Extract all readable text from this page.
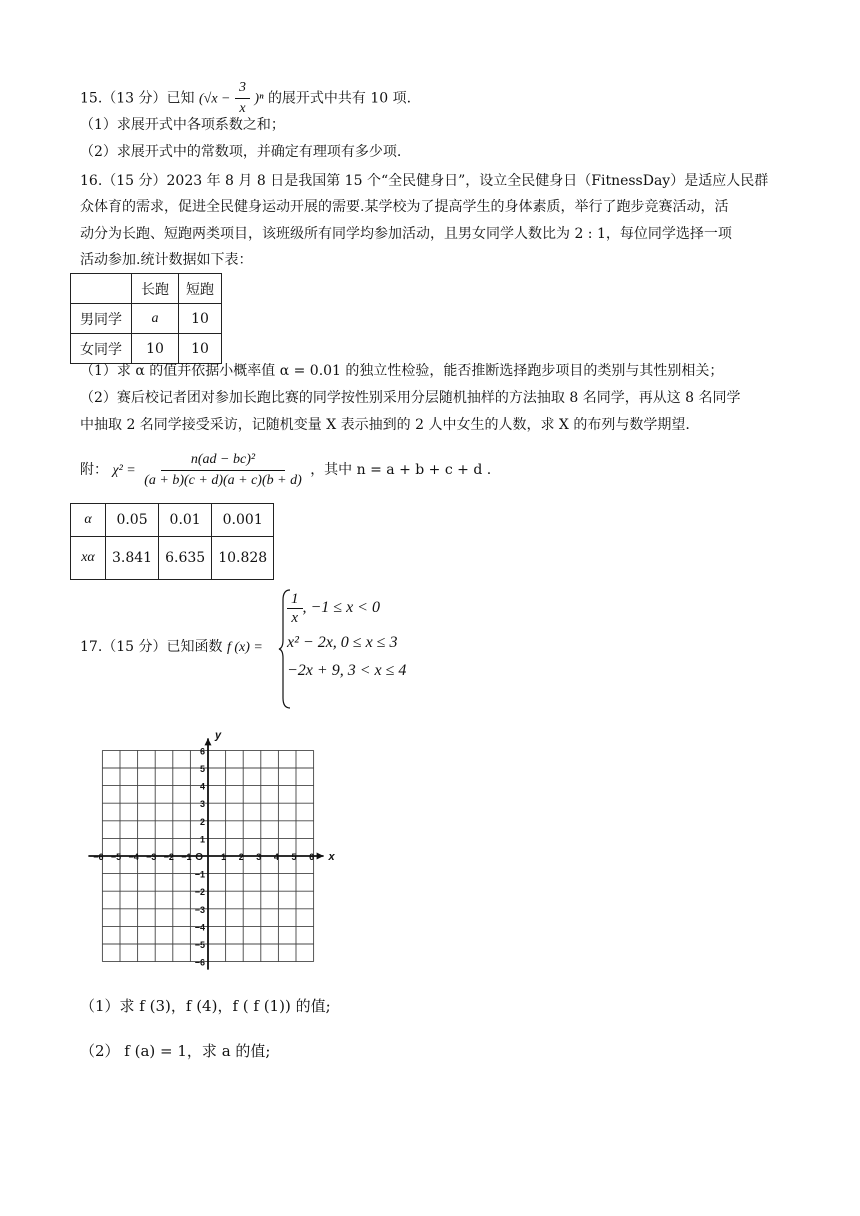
15.（13 分）已知 $(√x - \frac{3}{x} )^n$ 的展开式中共有 10 项.
（1）求展开式中各项系数之和；
（2）求展开式中的常数项，并确定有理项有多少项.
16.（15 分）2023 年 8 月 8 日是我国第 15 个“全民健身日”，设立全民健身日（FitnessDay）是适应人民群
众体育的需求，促进全民健身运动开展的需要.某学校为了提高学生的身体素质，举行了跑步竞赛活动，活
动分为长跑、短跑两类项目，该班级所有同学均参加活动，且男女同学人数比为 2 : 1，每位同学选择一项
活动参加.统计数据如下表：
	长跑	短跑
男同学	a	10
女同学	10	10
（1）求 α 的值并依据小概率值 α = 0.01 的独立性检验，能否推断选择跑步项目的类别与其性别相关；
（2）赛后校记者团对参加长跑比赛的同学按性别采用分层随机抽样的方法抽取 8 名同学，再从这 8 名同学
中抽取 2 名同学接受采访，记随机变量 X 表示抽到的 2 人中女生的人数，求 X 的布列与数学期望.
附： $\chi^2 = \frac{\text{n(ad − bc)²}}{(a + b)(c + d)(a + c)(b + d)}$ ，其中 n = a + b + c + d .
α	0.05	0.01	0.001
xα	3.841	6.635	10.828
17.（15 分）已知函数 f (x) =
$\frac{1}{x}$ , −1 ≤ x < 0
x² − 2x, 0 ≤ x ≤ 3
−2x + 9, 3 < x ≤ 4
−6 −5 −4 −3 −2 −1	1 2 3 4 5 6
6
5
4
3
2
1
−1
−2
−3
−4
−5
−6
O	x
y
（1）求 f (3)，f (4)，f ( f (1)) 的值;
（2） f (a) = 1，求 a 的值;
